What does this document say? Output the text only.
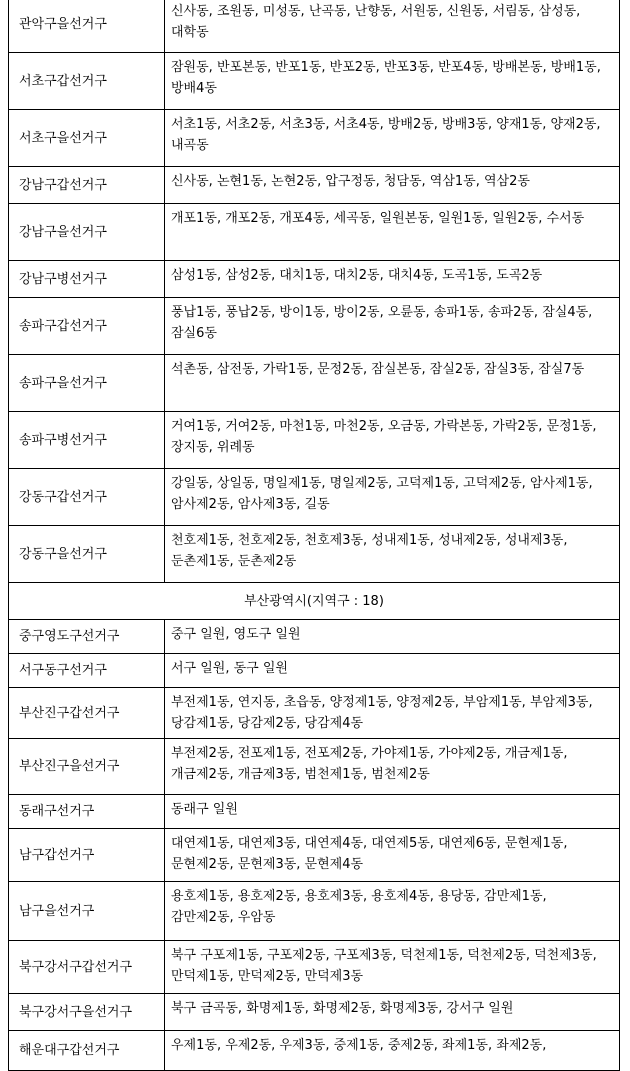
관악구을선거구	신사동, 조원동, 미성동, 난곡동, 난향동, 서원동, 신원동, 서림동, 삼성동, 대학동
서초구갑선거구	잠원동, 반포본동, 반포1동, 반포2동, 반포3동, 반포4동, 방배본동, 방배1동, 방배4동
서초구을선거구	서초1동, 서초2동, 서초3동, 서초4동, 방배2동, 방배3동, 양재1동, 양재2동, 내곡동
강남구갑선거구	신사동, 논현1동, 논현2동, 압구정동, 청담동, 역삼1동, 역삼2동
강남구을선거구	개포1동, 개포2동, 개포4동, 세곡동, 일원본동, 일원1동, 일원2동, 수서동
강남구병선거구	삼성1동, 삼성2동, 대치1동, 대치2동, 대치4동, 도곡1동, 도곡2동
송파구갑선거구	풍납1동, 풍납2동, 방이1동, 방이2동, 오륜동, 송파1동, 송파2동, 잠실4동, 잠실6동
송파구을선거구	석촌동, 삼전동, 가락1동, 문정2동, 잠실본동, 잠실2동, 잠실3동, 잠실7동
송파구병선거구	거여1동, 거여2동, 마천1동, 마천2동, 오금동, 가락본동, 가락2동, 문정1동, 장지동, 위례동
강동구갑선거구	강일동, 상일동, 명일제1동, 명일제2동, 고덕제1동, 고덕제2동, 암사제1동, 암사제2동, 암사제3동, 길동
강동구을선거구	천호제1동, 천호제2동, 천호제3동, 성내제1동, 성내제2동, 성내제3동, 둔촌제1동, 둔촌제2동
부산광역시(지역구 : 18)	
중구영도구선거구	중구 일원, 영도구 일원
서구동구선거구	서구 일원, 동구 일원
부산진구갑선거구	부전제1동, 연지동, 초읍동, 양정제1동, 양정제2동, 부암제1동, 부암제3동, 당감제1동, 당감제2동, 당감제4동
부산진구을선거구	부전제2동, 전포제1동, 전포제2동, 가야제1동, 가야제2동, 개금제1동, 개금제2동, 개금제3동, 범천제1동, 범천제2동
동래구선거구	동래구 일원
남구갑선거구	대연제1동, 대연제3동, 대연제4동, 대연제5동, 대연제6동, 문현제1동, 문현제2동, 문현제3동, 문현제4동
남구을선거구	용호제1동, 용호제2동, 용호제3동, 용호제4동, 용당동, 감만제1동, 감만제2동, 우암동
북구강서구갑선거구	북구 구포제1동, 구포제2동, 구포제3동, 덕천제1동, 덕천제2동, 덕천제3동, 만덕제1동, 만덕제2동, 만덕제3동
북구강서구을선거구	북구 금곡동, 화명제1동, 화명제2동, 화명제3동, 강서구 일원
해운대구갑선거구	우제1동, 우제2동, 우제3동, 중제1동, 중제2동, 좌제1동, 좌제2동,
